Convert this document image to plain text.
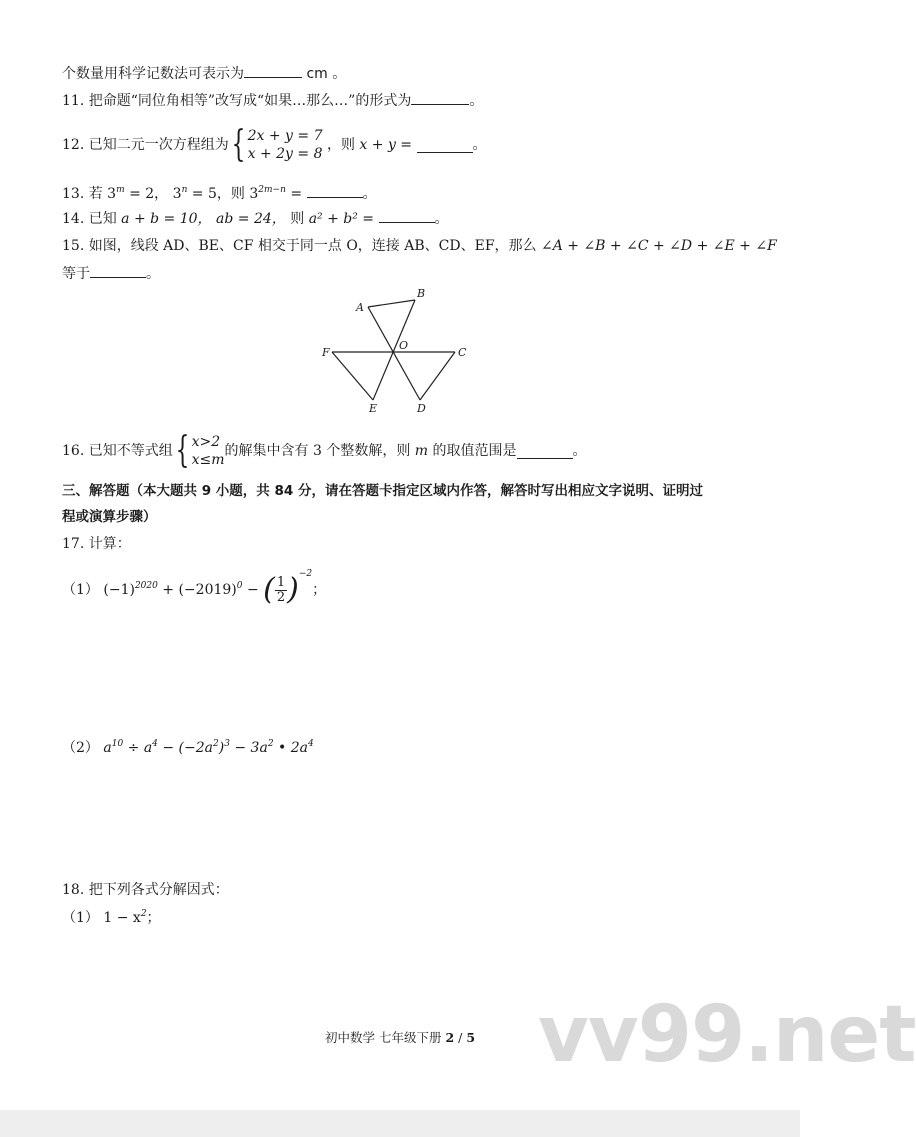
个数量用科学记数法可表示为	cm 。
11. 把命题“同位角相等”改写成“如果…那么…”的形式为	。
12. 已知二元一次方程组为{ 2x + y = 7
x + 2y = 8
，则 x + y =	。
13. 若 $3^m = 2$， $3^n = 5$，则 $3^{2m-n}$ =	。
14. 已知 a + b = 10， ab = 24， 则 a² + b² =	。
15. 如图，线段 AD、BE、CF 相交于同一点 O，连接 AB、CD、EF，那么 ∠A + ∠B + ∠C + ∠D + ∠E + ∠F
等于	。
A
B
C
D
E
F
O
16. 已知不等式组{ x>2
x≤m
的解集中含有 3 个整数解，则 m 的取值范围是	。
三、解答题（本大题共 9 小题，共 84 分，请在答题卡指定区域内作答，解答时写出相应文字说明、证明过
程或演算步骤）
17. 计算：
（1） $(-1)^{2020} + (-2019)^0$ − ( $\frac{1}{2} )^{-2}$；
（2） $a^{10} \div a^4 - (-2a^2)^3 - 3a^2$ • $2a^4$
18. 把下列各式分解因式：
（1） $1 - x^2$；
vv99.net
初中数学 七年级下册 2 / 5
